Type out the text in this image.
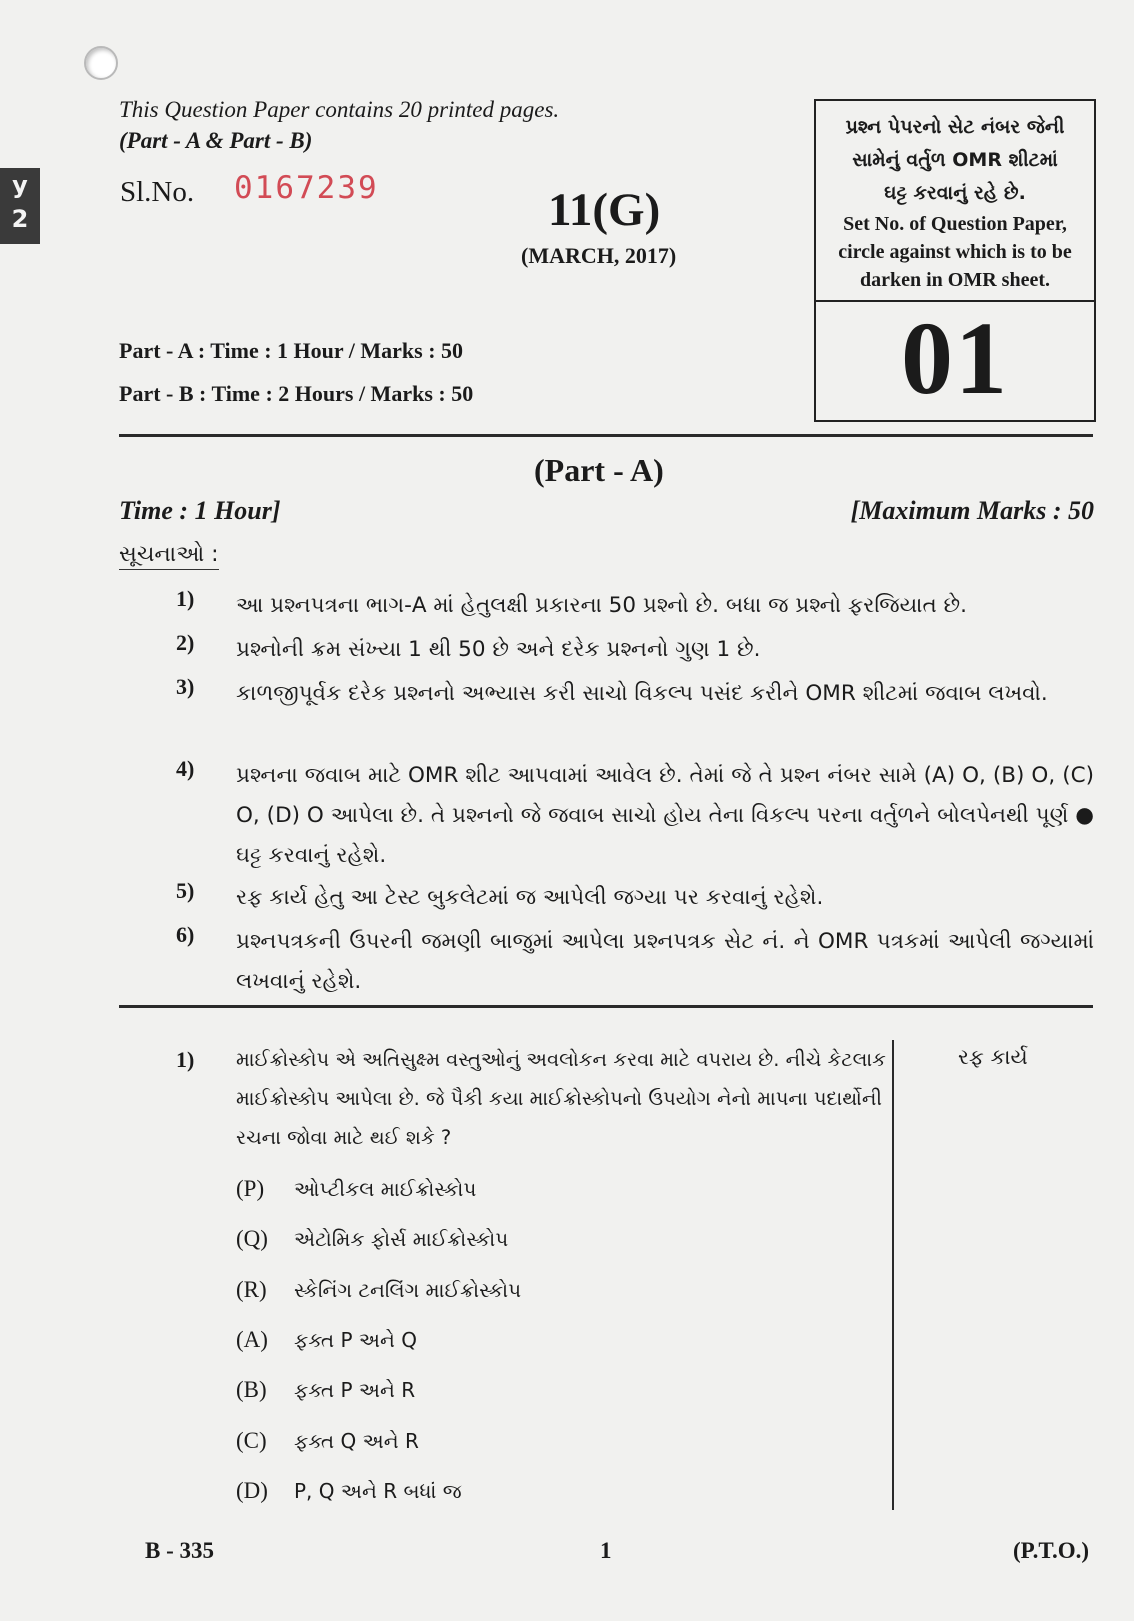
y
2
This Question Paper contains 20 printed pages.
(Part - A & Part - B)
Sl.No. 0167239	11(G)
(MARCH, 2017)
પ્રશ્ન પેપરનો સેટ નંબર જેની
સામેનું વર્તુળ OMR શીટમાં
ઘટ્ટ કરવાનું રહે છે.
Set No. of Question Paper,
circle against which is to be
darken in OMR sheet.
01
Part - A : Time : 1 Hour / Marks : 50
Part - B : Time : 2 Hours / Marks : 50
(Part - A)
Time : 1 Hour]	[Maximum Marks : 50
સૂચનાઓ :
1) આ પ્રશ્નપત્રના ભાગ-A માં હેતુલક્ષી પ્રકારના 50 પ્રશ્નો છે. બધા જ પ્રશ્નો ફરજિયાત છે.
2) પ્રશ્નોની ક્રમ સંખ્યા 1 થી 50 છે અને દરેક પ્રશ્નનો ગુણ 1 છે.
3) કાળજીપૂર્વક દરેક પ્રશ્નનો અભ્યાસ કરી સાચો વિકલ્પ પસંદ કરીને OMR શીટમાં જવાબ લખવો.
4) પ્રશ્નના જવાબ માટે OMR શીટ આપવામાં આવેલ છે. તેમાં જે તે પ્રશ્ન નંબર સામે (A) O, (B) O, (C) O, (D) O આપેલા છે. તે પ્રશ્નનો જે જવાબ સાચો હોય તેના વિકલ્પ પરના વર્તુળને બોલપેનથી પૂર્ણ ● ઘટ્ટ કરવાનું રહેશે.
5) રફ કાર્ય હેતુ આ ટેસ્ટ બુકલેટમાં જ આપેલી જગ્યા પર કરવાનું રહેશે.
6) પ્રશ્નપત્રકની ઉપરની જમણી બાજુમાં આપેલા પ્રશ્નપત્રક સેટ નં. ને OMR પત્રકમાં આપેલી જગ્યામાં લખવાનું રહેશે.
રફ કાર્ય
1) માઈક્રોસ્કોપ એ અતિસુક્ષ્મ વસ્તુઓનું અવલોકન કરવા માટે વપરાય છે. નીચે કેટલાક માઈક્રોસ્કોપ આપેલા છે. જે પૈકી કયા માઈક્રોસ્કોપનો ઉપયોગ નેનો માપના પદાર્થોની રચના જોવા માટે થઈ શકે ?
(P) ઓપ્ટીકલ માઈક્રોસ્કોપ
(Q) એટોમિક ફોર્સ માઈક્રોસ્કોપ
(R) સ્કેનિંગ ટનલિંગ માઈક્રોસ્કોપ
(A) ફક્ત P અને Q
(B) ફક્ત P અને R
(C) ફક્ત Q અને R
(D) P, Q અને R બધાં જ
B - 335	1	(P.T.O.)
